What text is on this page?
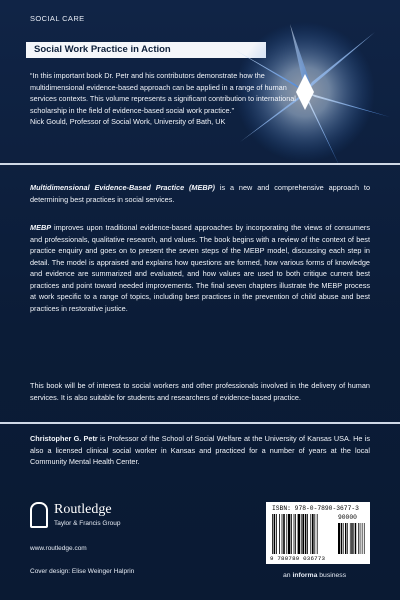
SOCIAL CARE
Social Work Practice in Action

“In this important book Dr. Petr and his contributors demonstrate how the multidimensional evidence-based approach can be applied in a range of human services contexts. This volume represents a significant contribution to international scholarship in the field of evidence-based social work practice.”

Nick Gould, Professor of Social Work, University of Bath, UK

Multidimensional Evidence-Based Practice (MEBP) is a new and comprehensive approach to determining best practices in social services.

MEBP improves upon traditional evidence-based approaches by incorporating the views of consumers and professionals, qualitative research, and values. The book begins with a review of the context of best practice enquiry and goes on to present the seven steps of the MEBP model, discussing each step in detail. The model is appraised and explains how questions are formed, how various forms of knowledge and evidence are summarized and evaluated, and how values are used to both critique current best practices and point toward needed improvements. The final seven chapters illustrate the MEBP process at work specific to a range of topics, including best practices in the prevention of child abuse and best practices in restorative justice.

This book will be of interest to social workers and other professionals involved in the delivery of human services. It is also suitable for students and researchers of evidence-based practice.

Christopher G. Petr is Professor of the School of Social Welfare at the University of Kansas USA. He is also a licensed clinical social worker in Kansas and practiced for a number of years at the local Community Mental Health Center.

Routledge
Taylor & Francis Group
www.routledge.com
Cover design: Elise Weinger Halprin
ISBN: 978-0-7890-3677-3
90000
9 780789 036773
an informa business
